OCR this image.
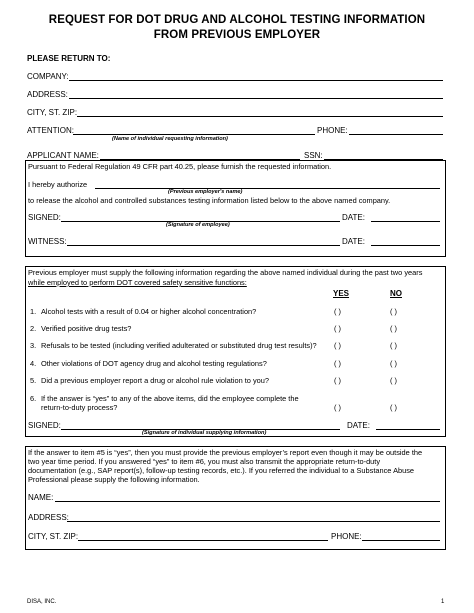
REQUEST FOR DOT DRUG AND ALCOHOL TESTING INFORMATION
FROM PREVIOUS EMPLOYER
PLEASE RETURN TO:
COMPANY:
ADDRESS:
CITY, ST. ZIP:
ATTENTION:	PHONE:
(Name of individual requesting information)
APPLICANT NAME:	SSN:
Pursuant to Federal Regulation 49 CFR part 40.25, please furnish the requested information.
I hereby authorize
(Previous employer's name)
to release the alcohol and controlled substances testing information listed below to the above named company.
SIGNED:	DATE:
(Signature of employee)
WITNESS:	DATE:
Previous employer must supply the following information regarding the above named individual during the past two years
while employed to perform DOT covered safety sensitive functions:
YES	NO
1. Alcohol tests with a result of 0.04 or higher alcohol concentration?	( )	( )
2. Verified positive drug tests?	( )	( )
3. Refusals to be tested (including verified adulterated or substituted drug test results)? ( )	( )
4. Other violations of DOT agency drug and alcohol testing regulations?	( )	( )
5. Did a previous employer report a drug or alcohol rule violation to you?	( )	( )
6. If the answer is “yes” to any of the above items, did the employee complete the
return-to-duty process?	( )	( )
SIGNED:	DATE:
(Signature of individual supplying information)
If the answer to item #5 is “yes”, then you must provide the previous employer’s report even though it may be outside the
two year time period. If you answered “yes” to item #6, you must also transmit the appropriate return-to-duty
documentation (e.g., SAP report(s), follow-up testing records, etc.). If you referred the individual to a Substance Abuse
Professional please supply the following information.
NAME:
ADDRESS:
CITY, ST. ZIP:	PHONE:
DISA, INC.	1
